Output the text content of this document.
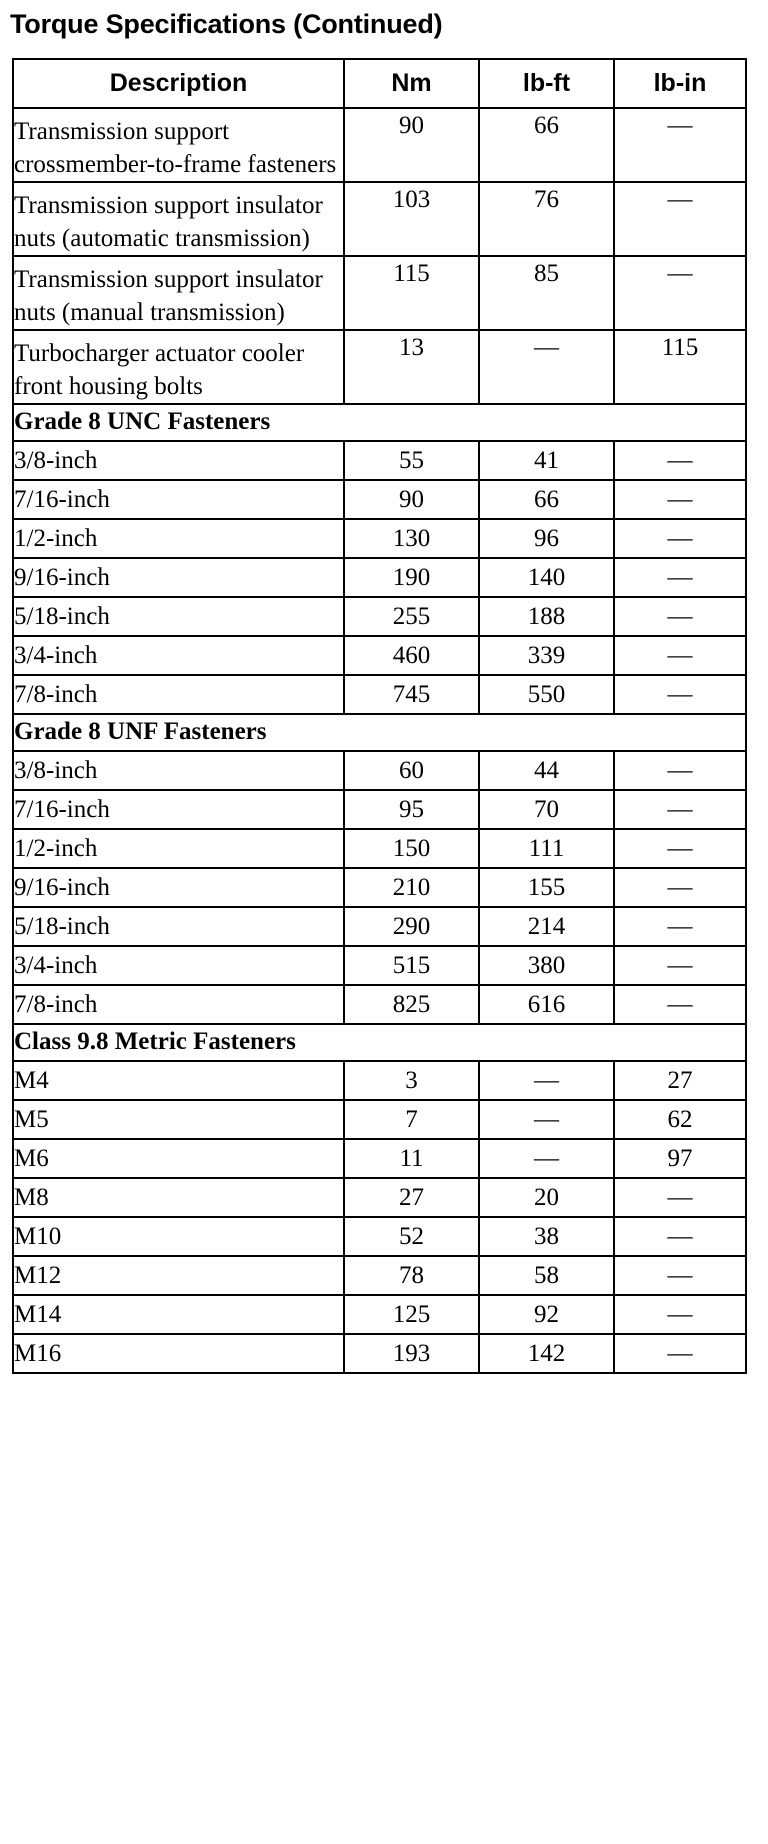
Torque Specifications (Continued)
Description	Nm	lb-ft	lb-in
Transmission support crossmember-to-frame fasteners	90	66	—
Transmission support insulator nuts (automatic transmission)	103	76	—
Transmission support insulator nuts (manual transmission)	115	85	—
Turbocharger actuator cooler front housing bolts	13	—	115
Grade 8 UNC Fasteners			
3/8-inch	55	41	—
7/16-inch	90	66	—
1/2-inch	130	96	—
9/16-inch	190	140	—
5/18-inch	255	188	—
3/4-inch	460	339	—
7/8-inch	745	550	—
Grade 8 UNF Fasteners			
3/8-inch	60	44	—
7/16-inch	95	70	—
1/2-inch	150	111	—
9/16-inch	210	155	—
5/18-inch	290	214	—
3/4-inch	515	380	—
7/8-inch	825	616	—
Class 9.8 Metric Fasteners			
M4	3	—	27
M5	7	—	62
M6	11	—	97
M8	27	20	—
M10	52	38	—
M12	78	58	—
M14	125	92	—
M16	193	142	—
